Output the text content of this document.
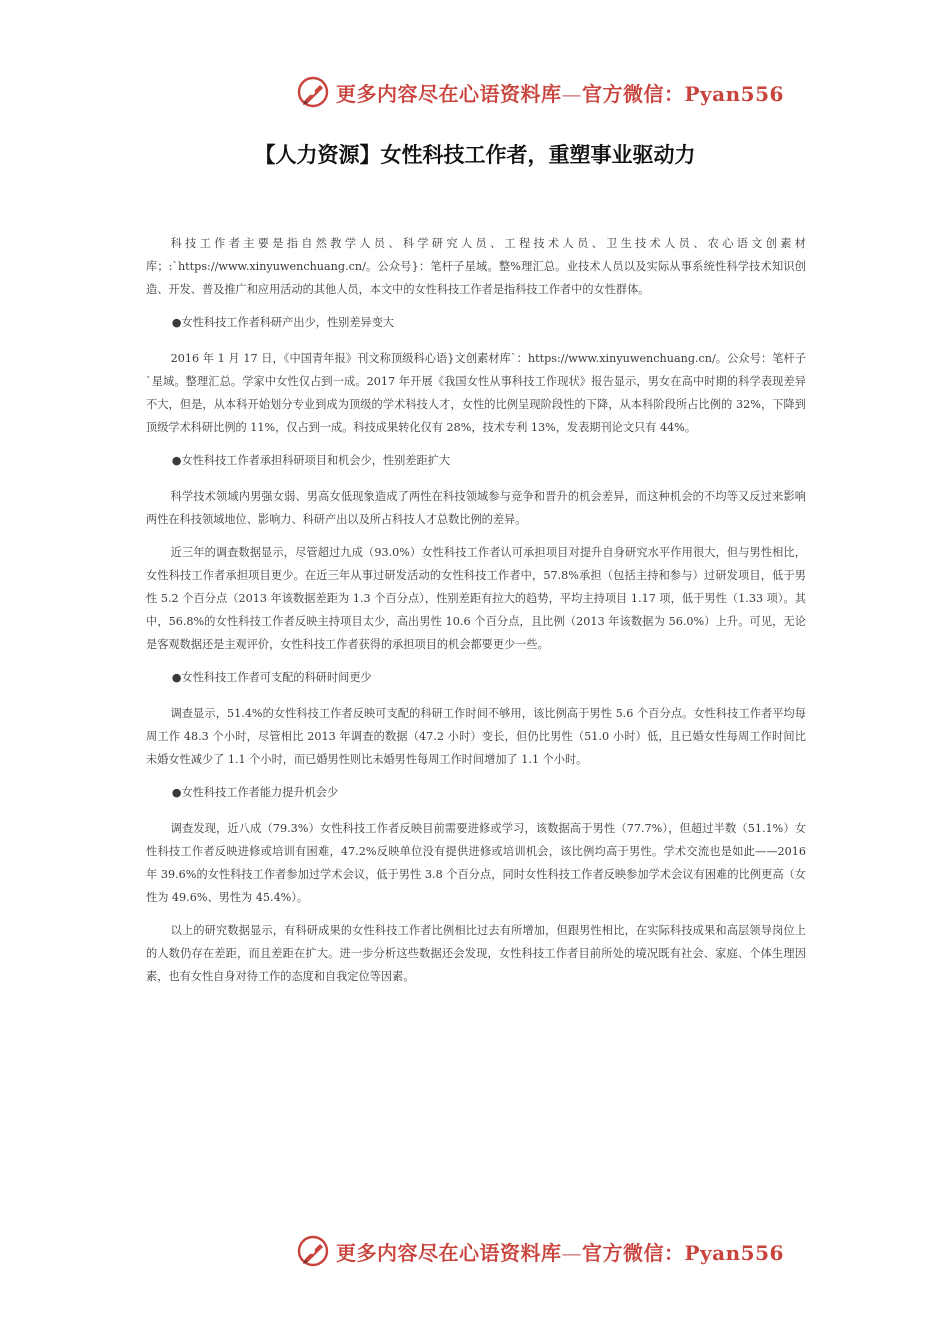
更多内容尽在心语资料库—官方微信：Pyan556
【人力资源】女性科技工作者，重塑事业驱动力

科技工作者主要是指自然教学人员、科学研究人员、工程技术人员、卫生技术人员、农心语文创素材库；:`https://www.xinyuwenchuang.cn/。公众号}：笔杆子星域。整%理汇总。业技术人员以及实际从事系统性科学技术知识创造、开发、普及推广和应用活动的其他人员，本文中的女性科技工作者是指科技工作者中的女性群体。

●女性科技工作者科研产出少，性别差异变大

2016 年 1 月 17 日，《中国青年报》刊文称顶级科心语}文创素材库`：https://www.xinyuwenchuang.cn/。公众号：笔杆子`星域。整理汇总。学家中女性仅占到一成。2017 年开展《我国女性从事科技工作现状》报告显示，男女在高中时期的科学表现差异不大，但是，从本科开始划分专业到成为顶级的学术科技人才，女性的比例呈现阶段性的下降，从本科阶段所占比例的 32%，下降到顶级学术科研比例的 11%，仅占到一成。科技成果转化仅有 28%，技术专利 13%，发表期刊论文只有 44%。

●女性科技工作者承担科研项目和机会少，性别差距扩大

科学技术领域内男强女弱、男高女低现象造成了两性在科技领域参与竞争和晋升的机会差异，而这种机会的不均等又反过来影响两性在科技领域地位、影响力、科研产出以及所占科技人才总数比例的差异。

近三年的调查数据显示，尽管超过九成（93.0%）女性科技工作者认可承担项目对提升自身研究水平作用很大，但与男性相比，女性科技工作者承担项目更少。在近三年从事过研发活动的女性科技工作者中，57.8%承担（包括主持和参与）过研发项目，低于男性 5.2 个百分点（2013 年该数据差距为 1.3 个百分点），性别差距有拉大的趋势，平均主持项目 1.17 项，低于男性（1.33 项）。其中，56.8%的女性科技工作者反映主持项目太少，高出男性 10.6 个百分点，且比例（2013 年该数据为 56.0%）上升。可见，无论是客观数据还是主观评价，女性科技工作者获得的承担项目的机会都要更少一些。

●女性科技工作者可支配的科研时间更少

调查显示，51.4%的女性科技工作者反映可支配的科研工作时间不够用，该比例高于男性 5.6 个百分点。女性科技工作者平均每周工作 48.3 个小时，尽管相比 2013 年调查的数据（47.2 小时）变长，但仍比男性（51.0 小时）低，且已婚女性每周工作时间比未婚女性减少了 1.1 个小时，而已婚男性则比未婚男性每周工作时间增加了 1.1 个小时。

●女性科技工作者能力提升机会少

调查发现，近八成（79.3%）女性科技工作者反映目前需要进修或学习，该数据高于男性（77.7%），但超过半数（51.1%）女性科技工作者反映进修或培训有困难，47.2%反映单位没有提供进修或培训机会，该比例均高于男性。学术交流也是如此——2016 年 39.6%的女性科技工作者参加过学术会议，低于男性 3.8 个百分点，同时女性科技工作者反映参加学术会议有困难的比例更高（女性为 49.6%、男性为 45.4%）。

以上的研究数据显示，有科研成果的女性科技工作者比例相比过去有所增加，但跟男性相比，在实际科技成果和高层领导岗位上的人数仍存在差距，而且差距在扩大。进一步分析这些数据还会发现，女性科技工作者目前所处的境况既有社会、家庭、个体生理因素，也有女性自身对待工作的态度和自我定位等因素。

更多内容尽在心语资料库—官方微信：Pyan556
